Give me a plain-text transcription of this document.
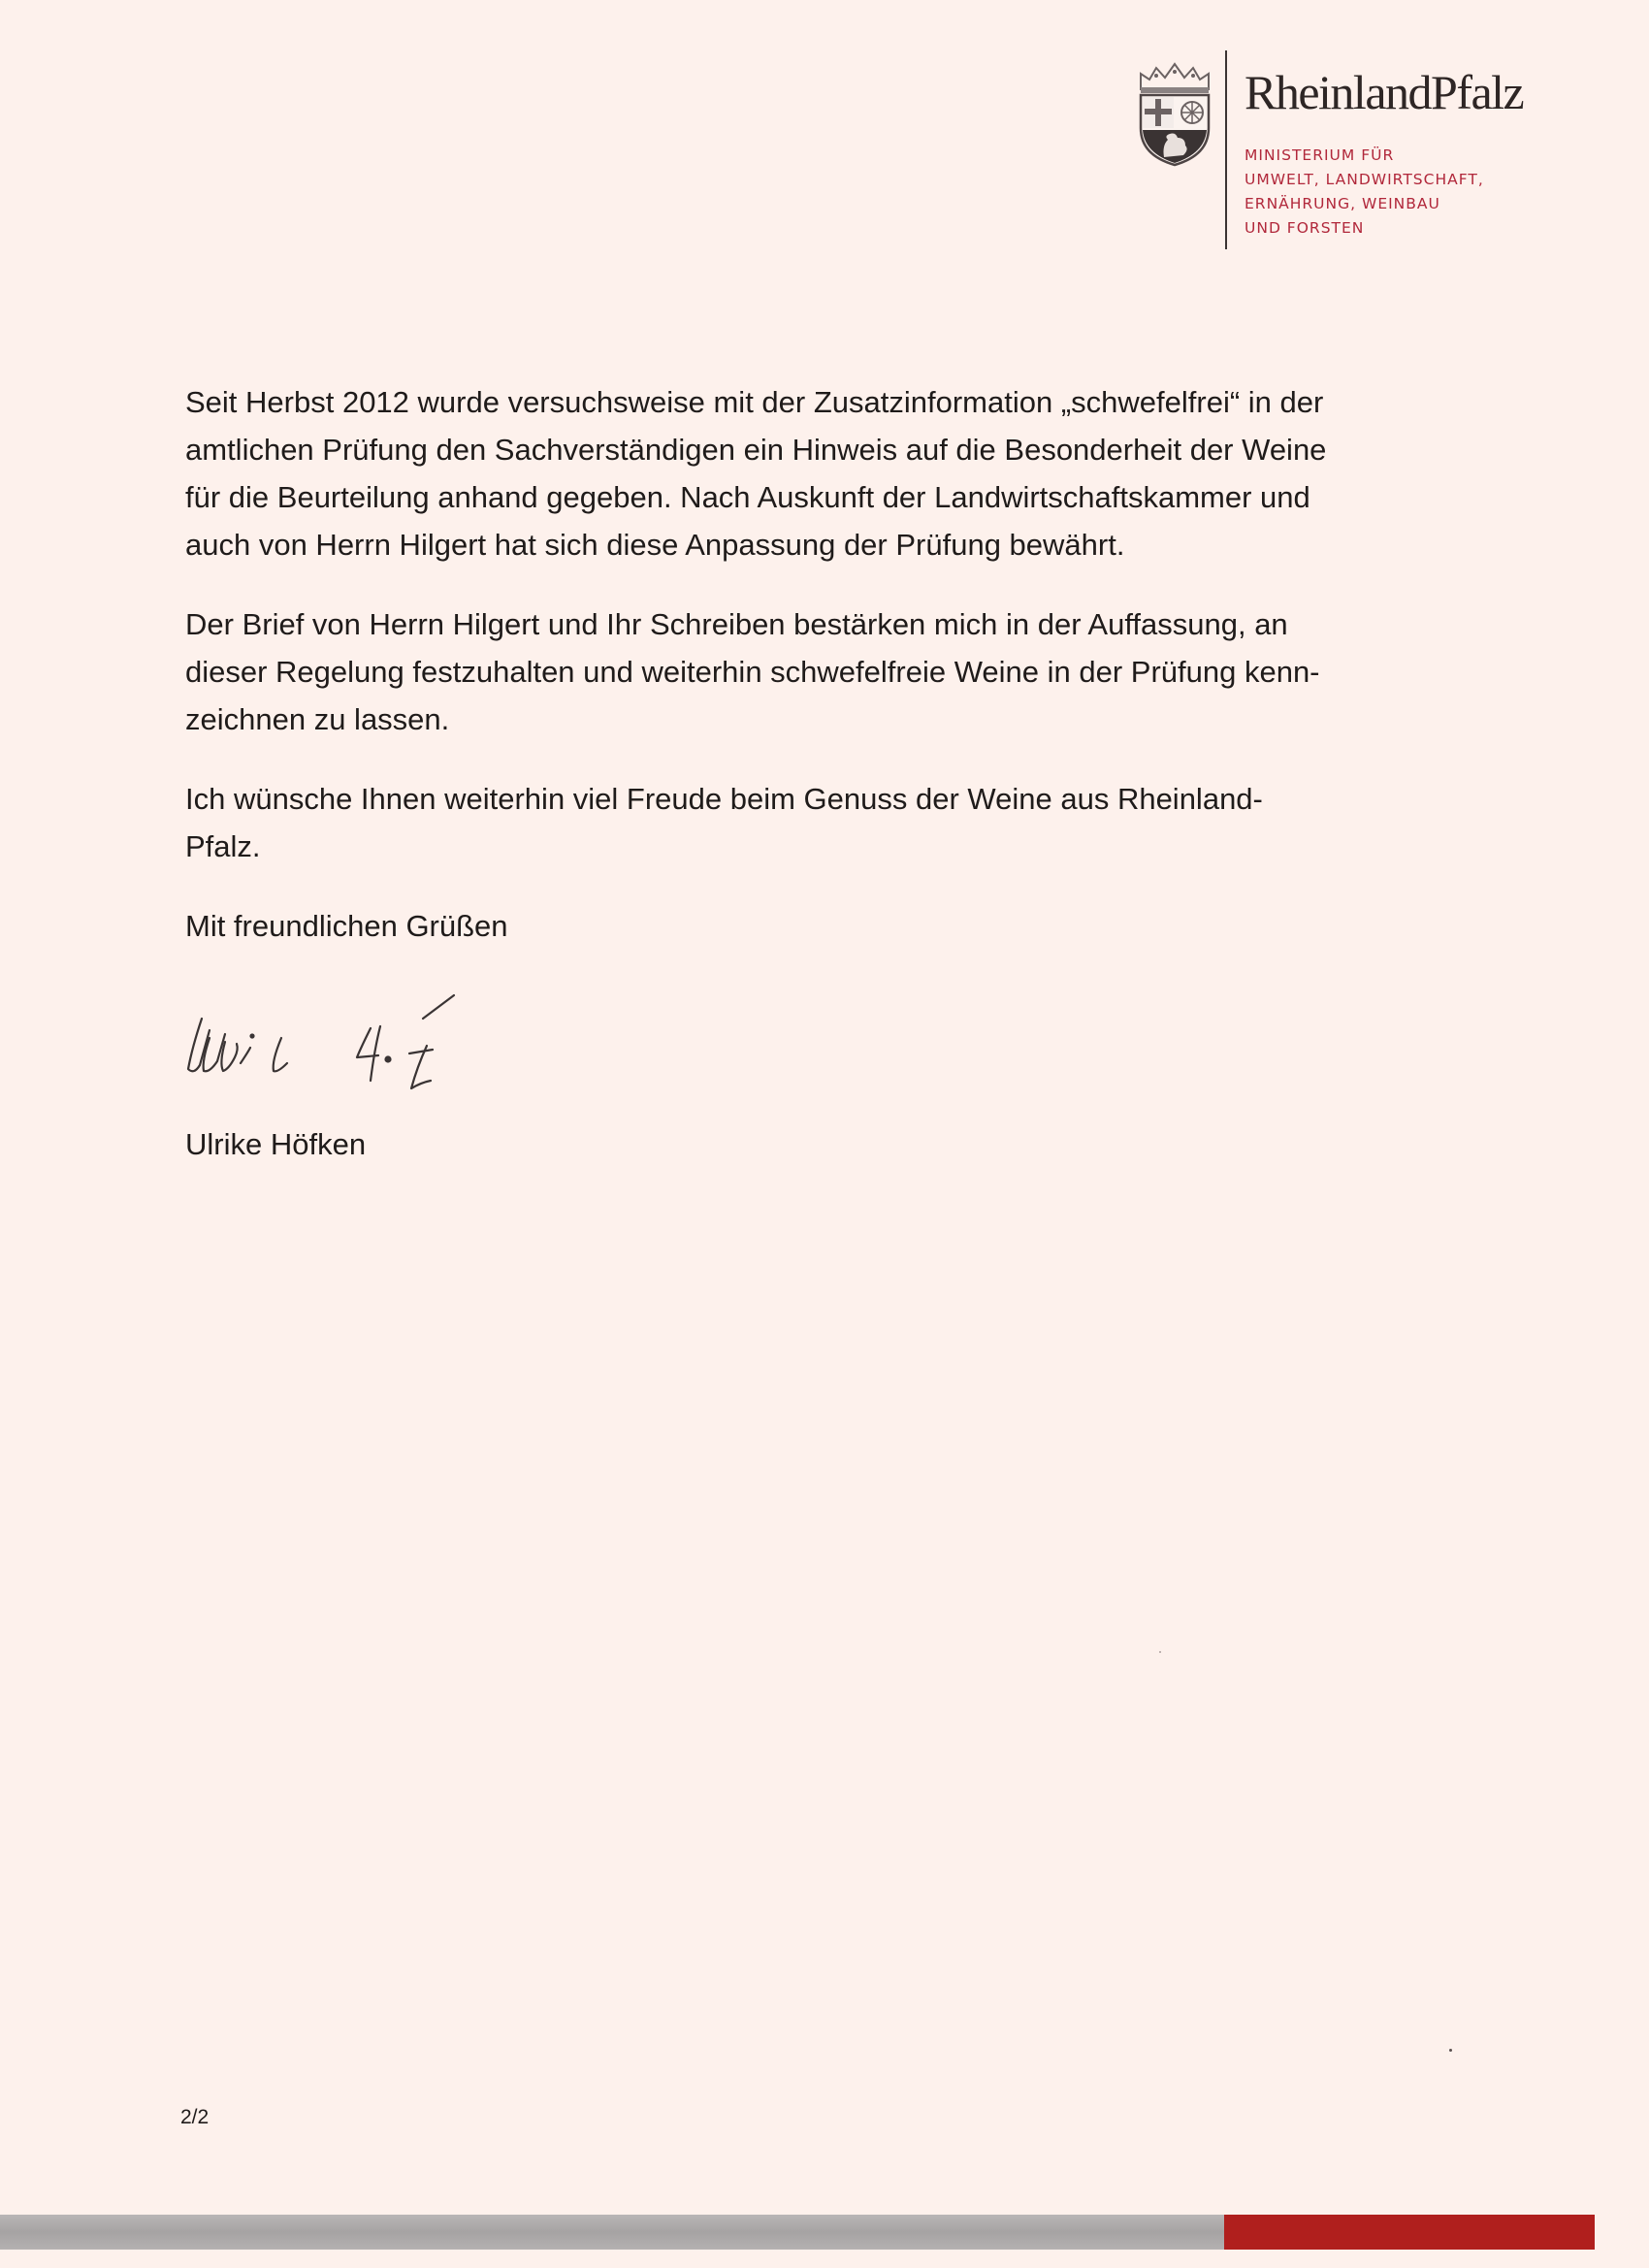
RheinlandPfalz
MINISTERIUM FÜR
UMWELT, LANDWIRTSCHAFT,
ERNÄHRUNG, WEINBAU
UND FORSTEN

Seit Herbst 2012 wurde versuchsweise mit der Zusatzinformation „schwefelfrei“ in der
amtlichen Prüfung den Sachverständigen ein Hinweis auf die Besonderheit der Weine
für die Beurteilung anhand gegeben. Nach Auskunft der Landwirtschaftskammer und
auch von Herrn Hilgert hat sich diese Anpassung der Prüfung bewährt.

Der Brief von Herrn Hilgert und Ihr Schreiben bestärken mich in der Auffassung, an
dieser Regelung festzuhalten und weiterhin schwefelfreie Weine in der Prüfung kenn-
zeichnen zu lassen.

Ich wünsche Ihnen weiterhin viel Freude beim Genuss der Weine aus Rheinland-
Pfalz.

Mit freundlichen Grüßen

Ulrike Höfken
2/2
